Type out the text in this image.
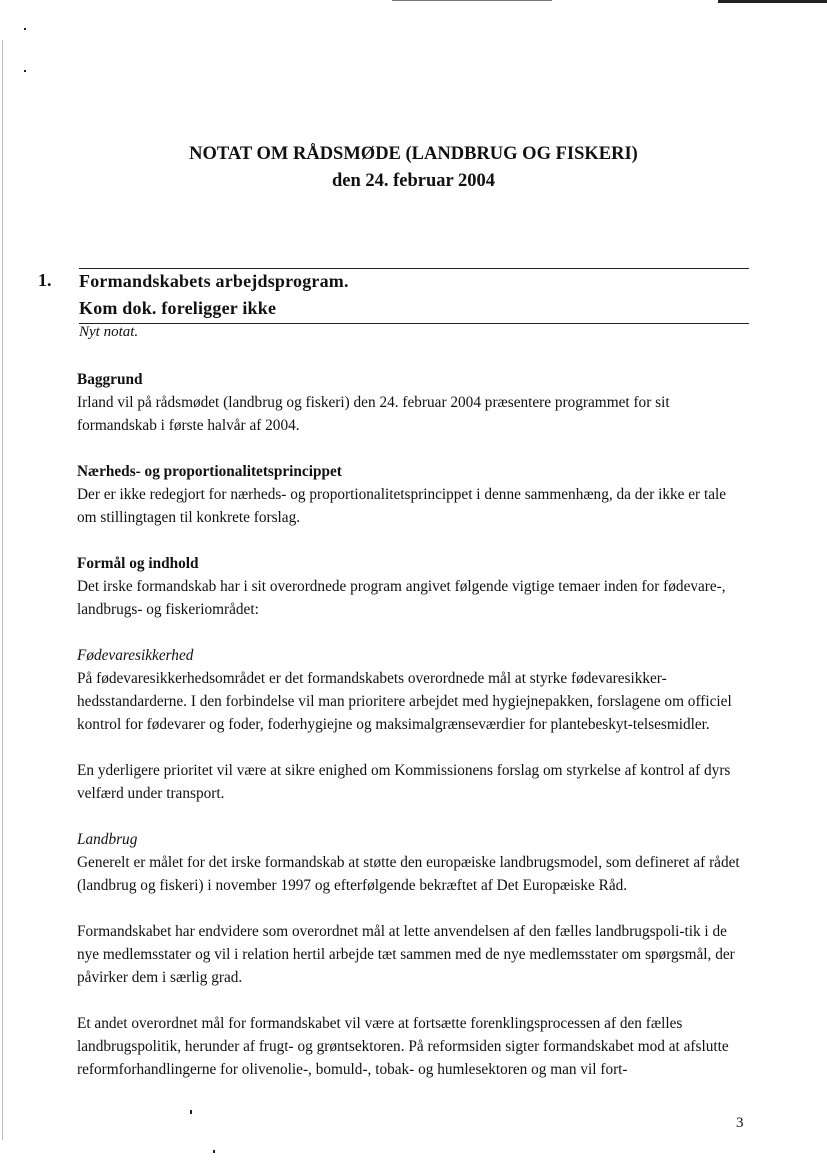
NOTAT OM RÅDSMØDE (LANDBRUG OG FISKERI)
den 24. februar 2004
1. Formandskabets arbejdsprogram.
Kom dok. foreligger ikke
Nyt notat.
Baggrund

Irland vil på rådsmødet (landbrug og fiskeri) den 24. februar 2004 præsentere programmet for sit formandskab i første halvår af 2004.

Nærheds- og proportionalitetsprincippet

Der er ikke redegjort for nærheds- og proportionalitetsprincippet i denne sammenhæng, da der ikke er tale om stillingtagen til konkrete forslag.

Formål og indhold

Det irske formandskab har i sit overordnede program angivet følgende vigtige temaer inden for fødevare-, landbrugs- og fiskeriområdet:

Fødevaresikkerhed

På fødevaresikkerhedsområdet er det formandskabets overordnede mål at styrke fødevaresikker-hedsstandarderne. I den forbindelse vil man prioritere arbejdet med hygiejnepakken, forslagene om officiel kontrol for fødevarer og foder, foderhygiejne og maksimalgrænseværdier for plantebeskyt-telsesmidler.

En yderligere prioritet vil være at sikre enighed om Kommissionens forslag om styrkelse af kontrol af dyrs velfærd under transport.

Landbrug

Generelt er målet for det irske formandskab at støtte den europæiske landbrugsmodel, som defineret af rådet (landbrug og fiskeri) i november 1997 og efterfølgende bekræftet af Det Europæiske Råd.

Formandskabet har endvidere som overordnet mål at lette anvendelsen af den fælles landbrugspoli-tik i de nye medlemsstater og vil i relation hertil arbejde tæt sammen med de nye medlemsstater om spørgsmål, der påvirker dem i særlig grad.

Et andet overordnet mål for formandskabet vil være at fortsætte forenklingsprocessen af den fælles landbrugspolitik, herunder af frugt- og grøntsektoren. På reformsiden sigter formandskabet mod at afslutte reformforhandlingerne for olivenolie-, bomuld-, tobak- og humlesektoren og man vil fort-

3
